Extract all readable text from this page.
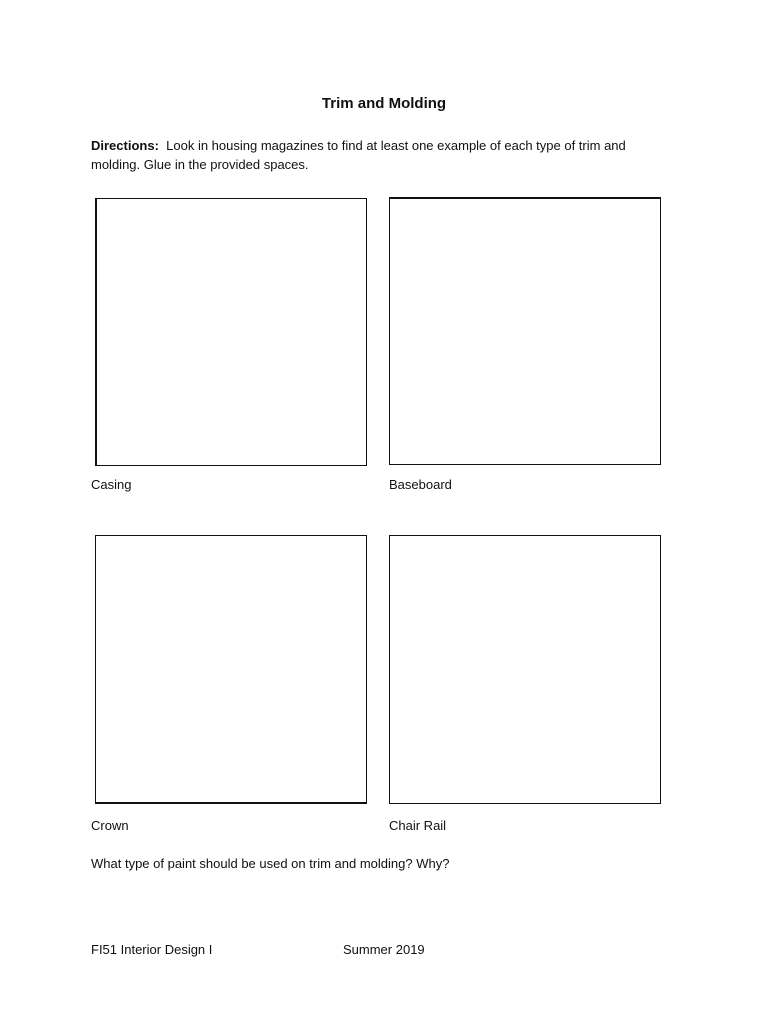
Trim and Molding
Directions: Look in housing magazines to find at least one example of each type of trim and molding. Glue in the provided spaces.
Casing	Baseboard
Crown	Chair Rail
What type of paint should be used on trim and molding? Why?
FI51 Interior Design I	Summer 2019
